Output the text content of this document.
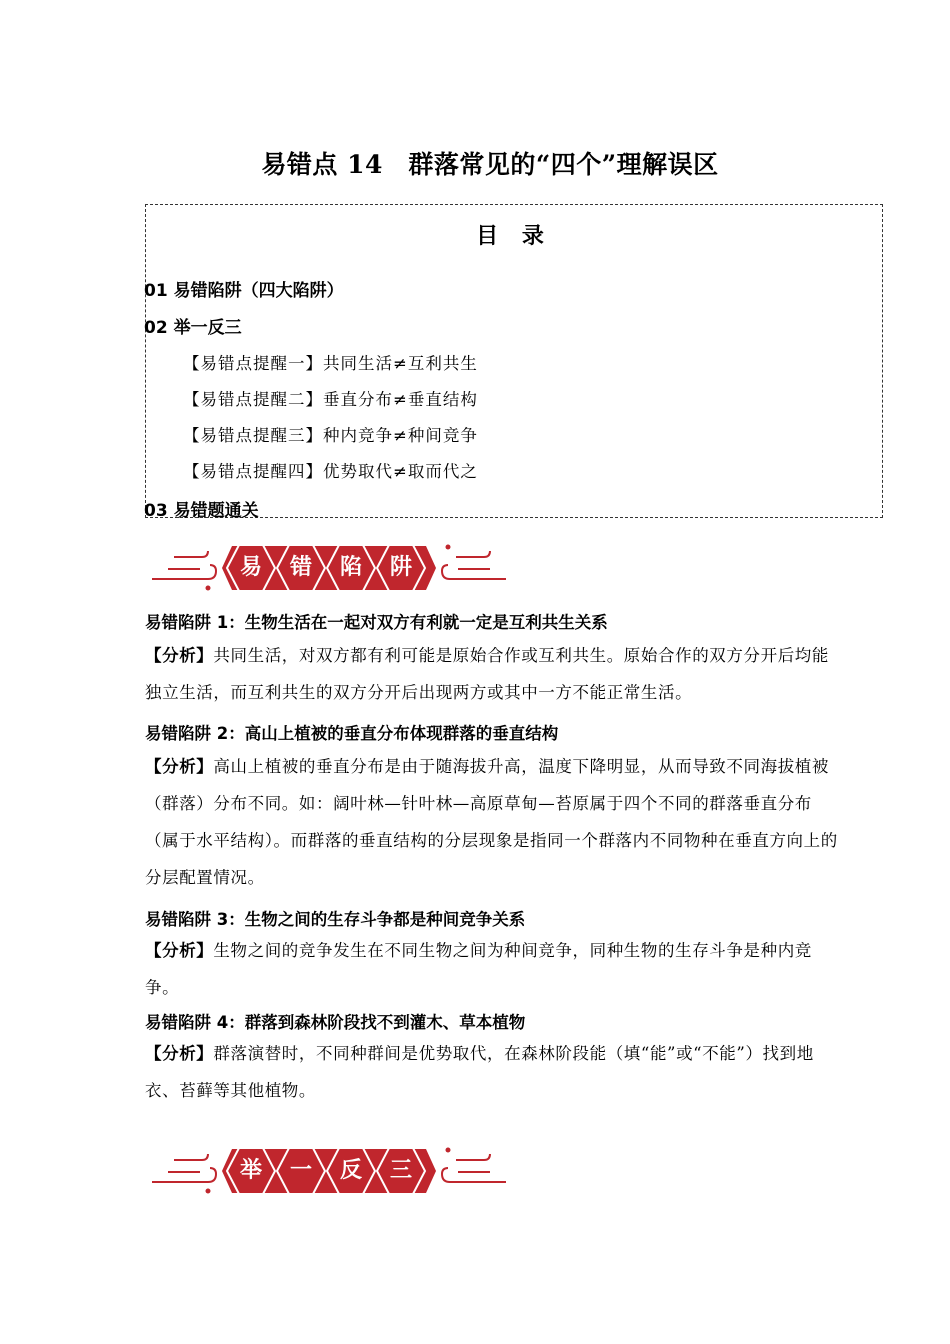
易错点 14　群落常见的“四个”理解误区
目 录
01 易错陷阱（四大陷阱）
02 举一反三
【易错点提醒一】共同生活≠互利共生
【易错点提醒二】垂直分布≠垂直结构
【易错点提醒三】种内竞争≠种间竞争
【易错点提醒四】优势取代≠取而代之
03 易错题通关
易	错	陷	阱
易错陷阱 1：生物生活在一起对双方有利就一定是互利共生关系
【分析】共同生活，对双方都有利可能是原始合作或互利共生。原始合作的双方分开后均能独立生活，而互利共生的双方分开后出现两方或其中一方不能正常生活。
易错陷阱 2：高山上植被的垂直分布体现群落的垂直结构
【分析】高山上植被的垂直分布是由于随海拔升高，温度下降明显，从而导致不同海拔植被（群落）分布不同。如：阔叶林—针叶林—高原草甸—苔原属于四个不同的群落垂直分布（属于水平结构）。而群落的垂直结构的分层现象是指同一个群落内不同物种在垂直方向上的分层配置情况。
易错陷阱 3：生物之间的生存斗争都是种间竞争关系
【分析】生物之间的竞争发生在不同生物之间为种间竞争，同种生物的生存斗争是种内竞争。
易错陷阱 4：群落到森林阶段找不到灌木、草本植物
【分析】群落演替时，不同种群间是优势取代，在森林阶段能（填“能”或“不能”）找到地衣、苔藓等其他植物。
举	一	反	三
